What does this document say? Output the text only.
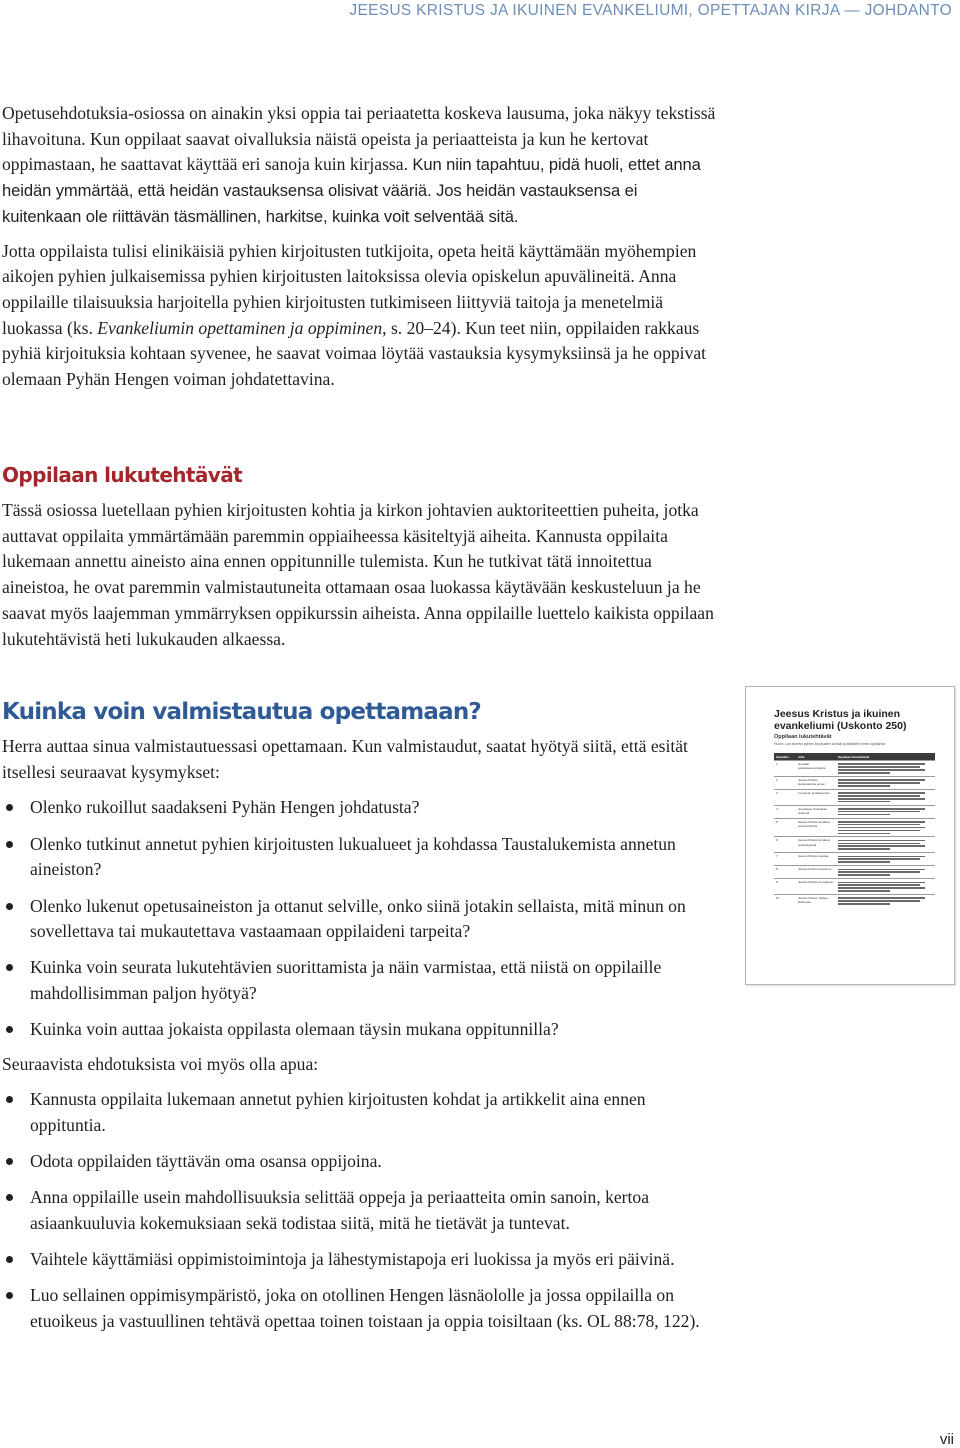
JEESUS KRISTUS JA IKUINEN EVANKELIUMI, OPETTAJAN KIRJA — JOHDANTO

Opetusehdotuksia-osiossa on ainakin yksi oppia tai periaatetta koskeva lausuma, joka näkyy tekstissä lihavoituna. Kun oppilaat saavat oivalluksia näistä opeista ja periaatteista ja kun he kertovat oppimastaan, he saattavat käyttää eri sanoja kuin kirjassa. Kun niin tapahtuu, pidä huoli, ettet anna heidän ymmärtää, että heidän vastauksensa olisivat vääriä. Jos heidän vastauksensa ei kuitenkaan ole riittävän täsmällinen, harkitse, kuinka voit selventää sitä.

Jotta oppilaista tulisi elinikäisiä pyhien kirjoitusten tutkijoita, opeta heitä käyttämään myöhempien aikojen pyhien julkaisemissa pyhien kirjoitusten laitoksissa olevia opiskelun apuvälineitä. Anna oppilaille tilaisuuksia harjoitella pyhien kirjoitusten tutkimiseen liittyviä taitoja ja menetelmiä luokassa (ks. Evankeliumin opettaminen ja oppiminen, s. 20–24). Kun teet niin, oppilaiden rakkaus pyhiä kirjoituksia kohtaan syvenee, he saavat voimaa löytää vastauksia kysymyksiinsä ja he oppivat olemaan Pyhän Hengen voiman johdatettavina.

Oppilaan lukutehtävät

Tässä osiossa luetellaan pyhien kirjoitusten kohtia ja kirkon johtavien auktoriteettien puheita, jotka auttavat oppilaita ymmärtämään paremmin oppiaiheessa käsiteltyjä aiheita. Kannusta oppilaita lukemaan annettu aineisto aina ennen oppitunnille tulemista. Kun he tutkivat tätä innoitettua aineistoa, he ovat paremmin valmistautuneita ottamaan osaa luokassa käytävään keskusteluun ja he saavat myös laajemman ymmärryksen oppikurssin aiheista. Anna oppilaille luettelo kaikista oppilaan lukutehtävistä heti lukukauden alkaessa.

Kuinka voin valmistautua opettamaan?

Herra auttaa sinua valmistautuessasi opettamaan. Kun valmistaudut, saatat hyötyä siitä, että esität itsellesi seuraavat kysymykset:

Olenko rukoillut saadakseni Pyhän Hengen johdatusta?
Olenko tutkinut annetut pyhien kirjoitusten lukualueet ja kohdassa Taustalukemista annetun aineiston?
Olenko lukenut opetusaineiston ja ottanut selville, onko siinä jotakin sellaista, mitä minun on sovellettava tai mukautettava vastaamaan oppilaideni tarpeita?
Kuinka voin seurata lukutehtävien suorittamista ja näin varmistaa, että niistä on oppilaille mahdollisimman paljon hyötyä?
Kuinka voin auttaa jokaista oppilasta olemaan täysin mukana oppitunnilla?

Seuraavista ehdotuksista voi myös olla apua:

Kannusta oppilaita lukemaan annetut pyhien kirjoitusten kohdat ja artikkelit aina ennen oppituntia.
Odota oppilaiden täyttävän oma osansa oppijoina.
Anna oppilaille usein mahdollisuuksia selittää oppeja ja periaatteita omin sanoin, kertoa asiaankuuluvia kokemuksiaan sekä todistaa siitä, mitä he tietävät ja tuntevat.
Vaihtele käyttämiäsi oppimistoimintoja ja lähestymistapoja eri luokissa ja myös eri päivinä.
Luo sellainen oppimisympäristö, joka on otollinen Hengen läsnäololle ja jossa oppilailla on etuoikeus ja vastuullinen tehtävä opettaa toinen toistaan ja oppia toisiltaan (ks. OL 88:78, 122).
Jeesus Kristus ja ikuinen evankeliumi (Uskonto 250)
Oppilaan lukutehtävät
Huom: Lue annetut pyhien kirjoitusten kohdat ja artikkelit ennen oppituntia.
Oppiaihe	Aihe	Oppilaan lukutehtävät
1	Jumalan pelastussuunnitelma	

2	Jeesus Kristus kuolematonta ennen	

3	Luominen ja lankeemus	

4	Jeesuksen Kristuksen syntymä	

5	Jeesus Kristus ja Hänen sovitusuhrinsa	

6	Jeesus Kristus ja Hänen sovitustyönsä	

7	Jeesus Kristus opettaa	

8	Jeesus Kristus luopumus	

9	Jeesus Kristus ja pappeus	

10	Jeesus Kristus, Hänen kirkkonsa	
vii
